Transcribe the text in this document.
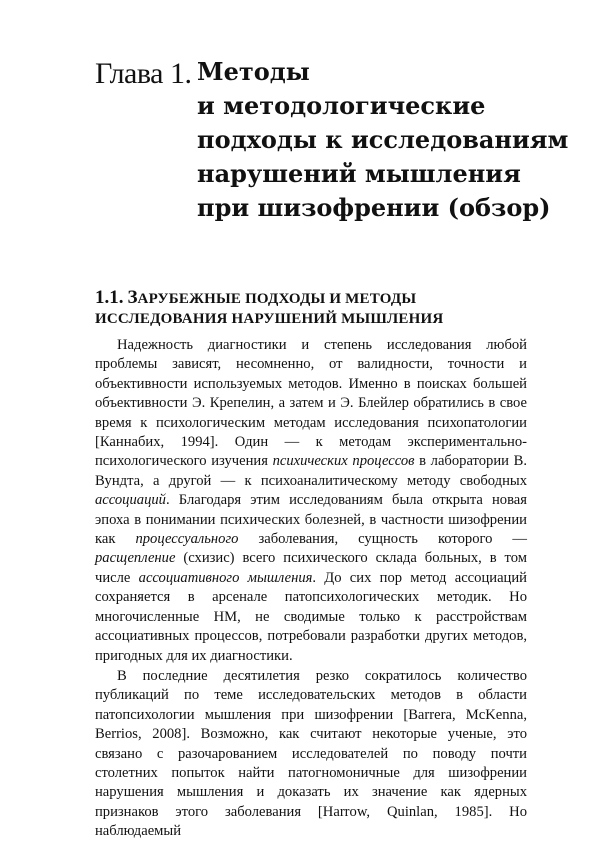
Глава 1. Методы
и методологические
подходы к исследованиям
нарушений мышления
при шизофрении (обзор)
1.1. ЗАРУБЕЖНЫЕ ПОДХОДЫ И МЕТОДЫ
ИССЛЕДОВАНИЯ НАРУШЕНИЙ МЫШЛЕНИЯ

Надежность диагностики и степень исследования любой проблемы зависят, несомненно, от валидности, точности и объективности используемых методов. Именно в поисках большей объективности Э. Крепелин, а затем и Э. Блейлер обратились в свое время к психологическим методам исследования психопатологии [Каннабих, 1994]. Один — к методам экспериментально-психологического изучения психических процессов в лаборатории В. Вундта, а другой — к психоаналитическому методу свободных ассоциаций. Благодаря этим исследованиям была открыта новая эпоха в понимании психических болезней, в частности шизофрении как процессуального заболевания, сущность которого — расщепление (схизис) всего психического склада больных, в том числе ассоциативного мышления. До сих пор метод ассоциаций сохраняется в арсенале патопсихологических методик. Но многочисленные НМ, не сводимые только к расстройствам ассоциативных процессов, потребовали разработки других методов, пригодных для их диагностики.

В последние десятилетия резко сократилось количество публикаций по теме исследовательских методов в области патопсихологии мышления при шизофрении [Barrera, McKenna, Berrios, 2008]. Возможно, как считают некоторые ученые, это связано с разочарованием исследователей по поводу почти столетних попыток найти патогномоничные для шизофрении нарушения мышления и доказать их значение как ядерных признаков этого заболевания [Harrow, Quinlan, 1985]. Но наблюдаемый
